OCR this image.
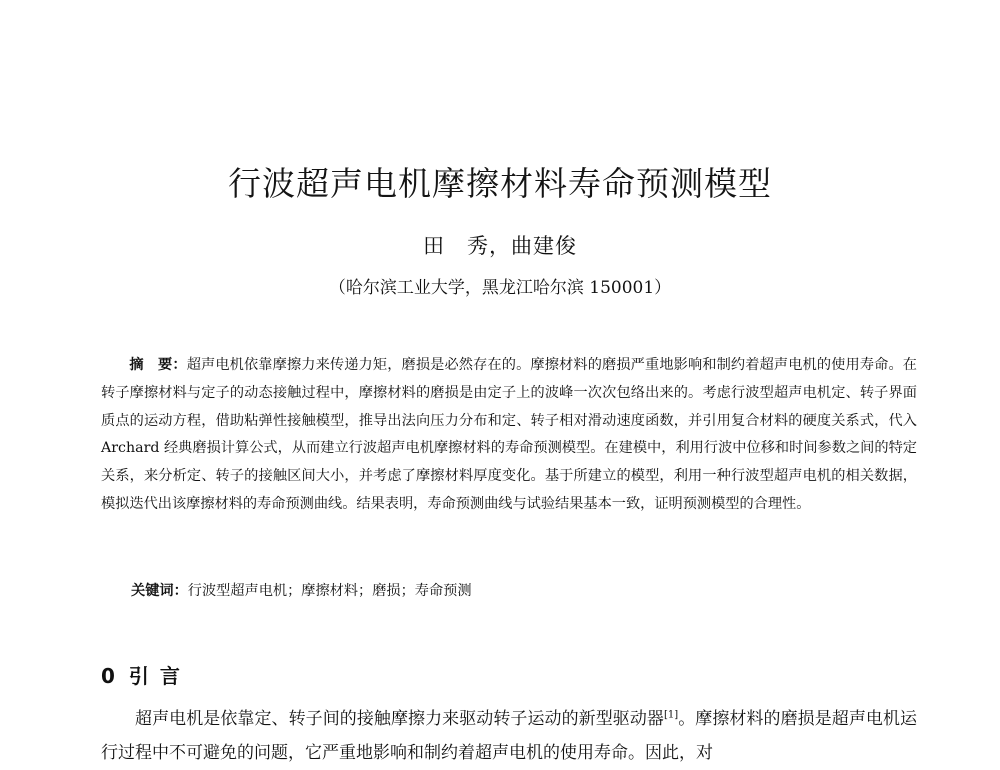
行波超声电机摩擦材料寿命预测模型
田　秀，曲建俊
（哈尔滨工业大学，黑龙江哈尔滨 150001）

摘　要：超声电机依靠摩擦力来传递力矩，磨损是必然存在的。摩擦材料的磨损严重地影响和制约着超声电机的使用寿命。在转子摩擦材料与定子的动态接触过程中，摩擦材料的磨损是由定子上的波峰一次次包络出来的。考虑行波型超声电机定、转子界面质点的运动方程，借助粘弹性接触模型，推导出法向压力分布和定、转子相对滑动速度函数，并引用复合材料的硬度关系式，代入 Archard 经典磨损计算公式，从而建立行波超声电机摩擦材料的寿命预测模型。在建模中，利用行波中位移和时间参数之间的特定关系，来分析定、转子的接触区间大小，并考虑了摩擦材料厚度变化。基于所建立的模型，利用一种行波型超声电机的相关数据，模拟迭代出该摩擦材料的寿命预测曲线。结果表明，寿命预测曲线与试验结果基本一致，证明预测模型的合理性。

关键词：行波型超声电机；摩擦材料；磨损；寿命预测

0 引 言

超声电机是依靠定、转子间的接触摩擦力来驱动转子运动的新型驱动器[1]。摩擦材料的磨损是超声电机运行过程中不可避免的问题，它严重地影响和制约着超声电机的使用寿命。因此，对
